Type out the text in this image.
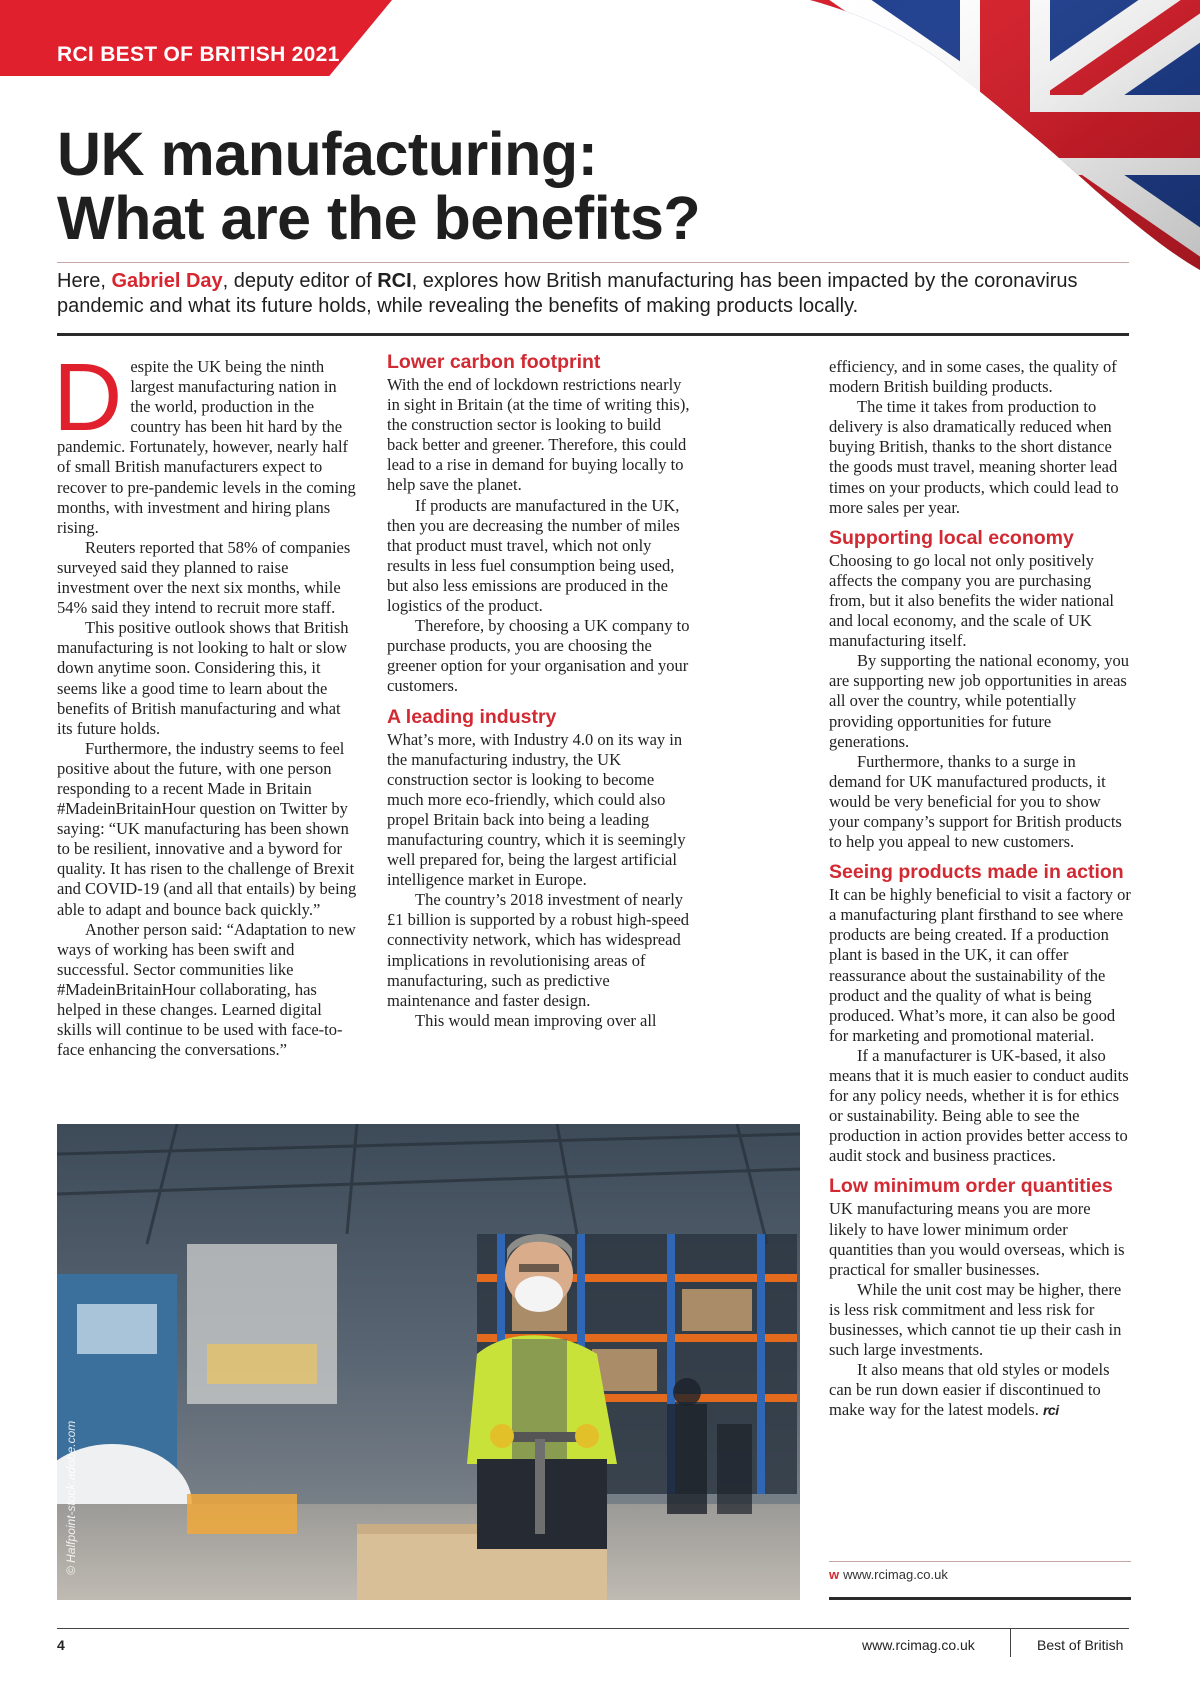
RCI BEST OF BRITISH 2021
UK manufacturing:
What are the benefits?

Here, Gabriel Day, deputy editor of RCI, explores how British manufacturing has been impacted by the coronavirus pandemic and what its future holds, while revealing the benefits of making products locally.

Despite the UK being the ninth largest manufacturing nation in the world, production in the country has been hit hard by the pandemic. Fortunately, however, nearly half of small British manufacturers expect to recover to pre-pandemic levels in the coming months, with investment and hiring plans rising.

Reuters reported that 58% of companies surveyed said they planned to raise investment over the next six months, while 54% said they intend to recruit more staff.

This positive outlook shows that British manufacturing is not looking to halt or slow down anytime soon. Considering this, it seems like a good time to learn about the benefits of British manufacturing and what its future holds.

Furthermore, the industry seems to feel positive about the future, with one person responding to a recent Made in Britain #MadeinBritainHour question on Twitter by saying: “UK manufacturing has been shown to be resilient, innovative and a byword for quality. It has risen to the challenge of Brexit and COVID-19 (and all that entails) by being able to adapt and bounce back quickly.”

Another person said: “Adaptation to new ways of working has been swift and successful. Sector communities like #MadeinBritainHour collaborating, has helped in these changes. Learned digital skills will continue to be used with face-to-face enhancing the conversations.”

Lower carbon footprint

With the end of lockdown restrictions nearly in sight in Britain (at the time of writing this), the construction sector is looking to build back better and greener. Therefore, this could lead to a rise in demand for buying locally to help save the planet.

If products are manufactured in the UK, then you are decreasing the number of miles that product must travel, which not only results in less fuel consumption being used, but also less emissions are produced in the logistics of the product.

Therefore, by choosing a UK company to purchase products, you are choosing the greener option for your organisation and your customers.

A leading industry

What’s more, with Industry 4.0 on its way in the manufacturing industry, the UK construction sector is looking to become much more eco-friendly, which could also propel Britain back into being a leading manufacturing country, which it is seemingly well prepared for, being the largest artificial intelligence market in Europe.

The country’s 2018 investment of nearly £1 billion is supported by a robust high-speed connectivity network, which has widespread implications in revolutionising areas of manufacturing, such as predictive maintenance and faster design.

This would mean improving over all

efficiency, and in some cases, the quality of modern British building products.

The time it takes from production to delivery is also dramatically reduced when buying British, thanks to the short distance the goods must travel, meaning shorter lead times on your products, which could lead to more sales per year.

Supporting local economy

Choosing to go local not only positively affects the company you are purchasing from, but it also benefits the wider national and local economy, and the scale of UK manufacturing itself.

By supporting the national economy, you are supporting new job opportunities in areas all over the country, while potentially providing opportunities for future generations.

Furthermore, thanks to a surge in demand for UK manufactured products, it would be very beneficial for you to show your company’s support for British products to help you appeal to new customers.

Seeing products made in action

It can be highly beneficial to visit a factory or a manufacturing plant firsthand to see where products are being created. If a production plant is based in the UK, it can offer reassurance about the sustainability of the product and the quality of what is being produced. What’s more, it can also be good for marketing and promotional material.

If a manufacturer is UK-based, it also means that it is much easier to conduct audits for any policy needs, whether it is for ethics or sustainability. Being able to see the production in action provides better access to audit stock and business practices.

Low minimum order quantities

UK manufacturing means you are more likely to have lower minimum order quantities than you would overseas, which is practical for smaller businesses.

While the unit cost may be higher, there is less risk commitment and less risk for businesses, which cannot tie up their cash in such large investments.

It also means that old styles or models can be run down easier if discontinued to make way for the latest models. rci

© Halfpoint-stock.adobe.com	w www.rcimag.co.uk
4	www.rcimag.co.uk	Best of British
